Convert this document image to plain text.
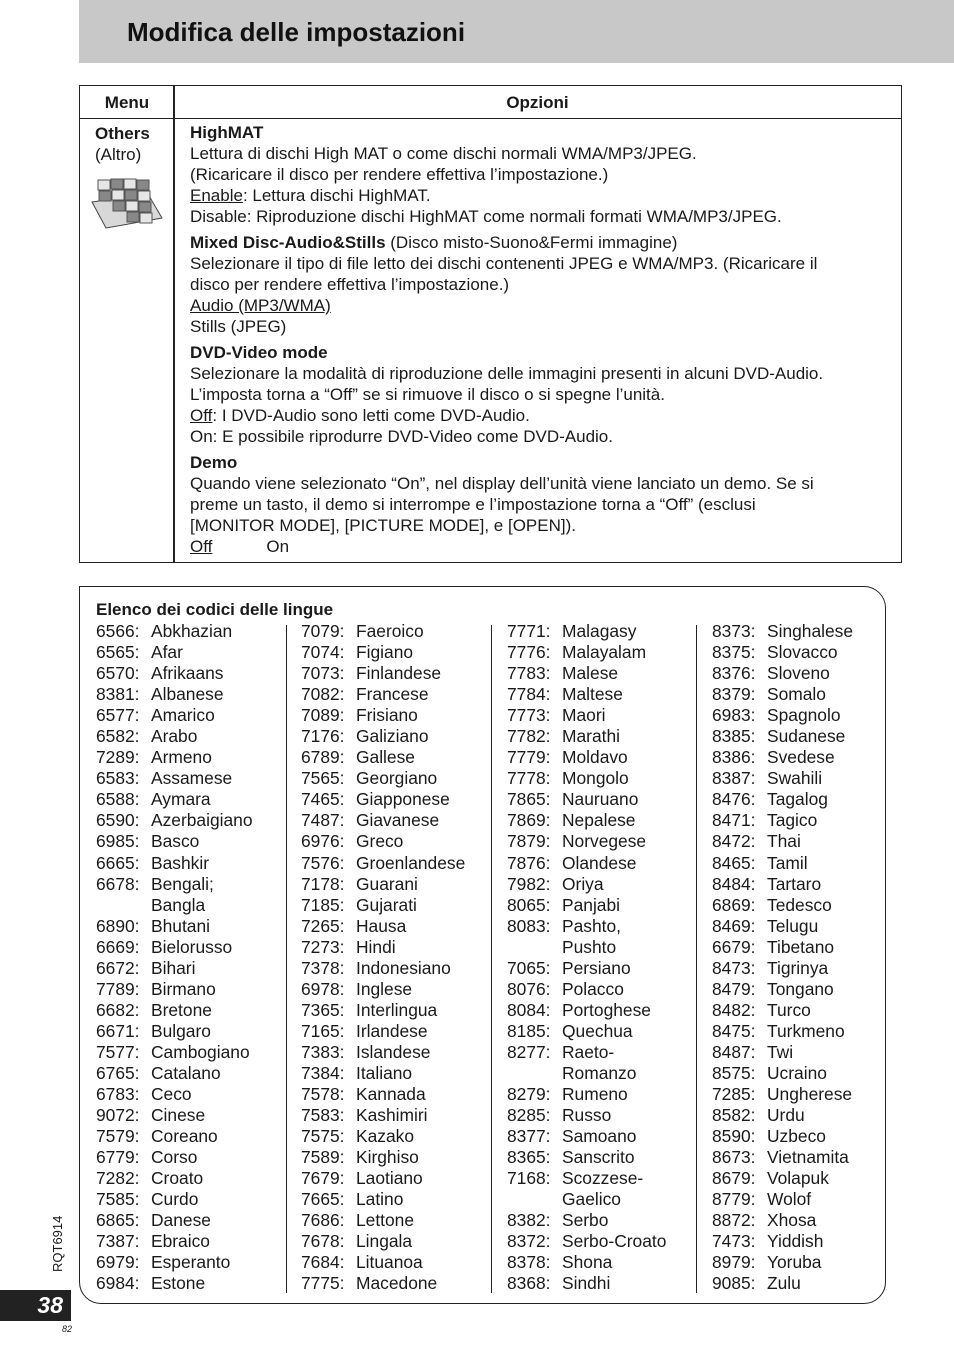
Modifica delle impostazioni
Menu	Opzioni
Others
(Altro)

HighMAT

Lettura di dischi High MAT o come dischi normali WMA/MP3/JPEG.

(Ricaricare il disco per rendere effettiva l’impostazione.)

Enable: Lettura dischi HighMAT.

Disable: Riproduzione dischi HighMAT come normali formati WMA/MP3/JPEG.

Mixed Disc-Audio&Stills (Disco misto-Suono&Fermi immagine)

Selezionare il tipo di file letto dei dischi contenenti JPEG e WMA/MP3. (Ricaricare il

disco per rendere effettiva l’impostazione.)

Audio (MP3/WMA)

Stills (JPEG)

DVD-Video mode

Selezionare la modalità di riproduzione delle immagini presenti in alcuni DVD-Audio.

L’imposta torna a “Off” se si rimuove il disco o si spegne l’unità.

Off: I DVD-Audio sono letti come DVD-Audio.

On: E possibile riprodurre DVD-Video come DVD-Audio.

Demo

Quando viene selezionato “On”, nel display dell’unità viene lanciato un demo. Se si

preme un tasto, il demo si interrompe e l’impostazione torna a “Off” (esclusi

[MONITOR MODE], [PICTURE MODE], e [OPEN]).

Off	On

Elenco dei codici delle lingue
6566: Abkhazian
6565: Afar
6570: Afrikaans
8381: Albanese
6577: Amarico
6582: Arabo
7289: Armeno
6583: Assamese
6588: Aymara
6590: Azerbaigiano
6985: Basco
6665: Bashkir
6678: Bengali;
Bangla
6890: Bhutani
6669: Bielorusso
6672: Bihari
7789: Birmano
6682: Bretone
6671: Bulgaro
7577: Cambogiano
6765: Catalano
6783: Ceco
9072: Cinese
7579: Coreano
6779: Corso
7282: Croato
7585: Curdo
6865: Danese
7387: Ebraico
6979: Esperanto
6984: Estone
7079: Faeroico
7074: Figiano
7073: Finlandese
7082: Francese
7089: Frisiano
7176: Galiziano
6789: Gallese
7565: Georgiano
7465: Giapponese
7487: Giavanese
6976: Greco
7576: Groenlandese
7178: Guarani
7185: Gujarati
7265: Hausa
7273: Hindi
7378: Indonesiano
6978: Inglese
7365: Interlingua
7165: Irlandese
7383: Islandese
7384: Italiano
7578: Kannada
7583: Kashimiri
7575: Kazako
7589: Kirghiso
7679: Laotiano
7665: Latino
7686: Lettone
7678: Lingala
7684: Lituanoa
7775: Macedone
7771: Malagasy
7776: Malayalam
7783: Malese
7784: Maltese
7773: Maori
7782: Marathi
7779: Moldavo
7778: Mongolo
7865: Nauruano
7869: Nepalese
7879: Norvegese
7876: Olandese
7982: Oriya
8065: Panjabi
8083: Pashto,
Pushto
7065: Persiano
8076: Polacco
8084: Portoghese
8185: Quechua
8277: Raeto-
Romanzo
8279: Rumeno
8285: Russo
8377: Samoano
8365: Sanscrito
7168: Scozzese-
Gaelico
8382: Serbo
8372: Serbo-Croato
8378: Shona
8368: Sindhi
8373: Singhalese
8375: Slovacco
8376: Sloveno
8379: Somalo
6983: Spagnolo
8385: Sudanese
8386: Svedese
8387: Swahili
8476: Tagalog
8471: Tagico
8472: Thai
8465: Tamil
8484: Tartaro
6869: Tedesco
8469: Telugu
6679: Tibetano
8473: Tigrinya
8479: Tongano
8482: Turco
8475: Turkmeno
8487: Twi
8575: Ucraino
7285: Ungherese
8582: Urdu
8590: Uzbeco
8673: Vietnamita
8679: Volapuk
8779: Wolof
8872: Xhosa
7473: Yiddish
8979: Yoruba
9085: Zulu
RQT6914
38
82
